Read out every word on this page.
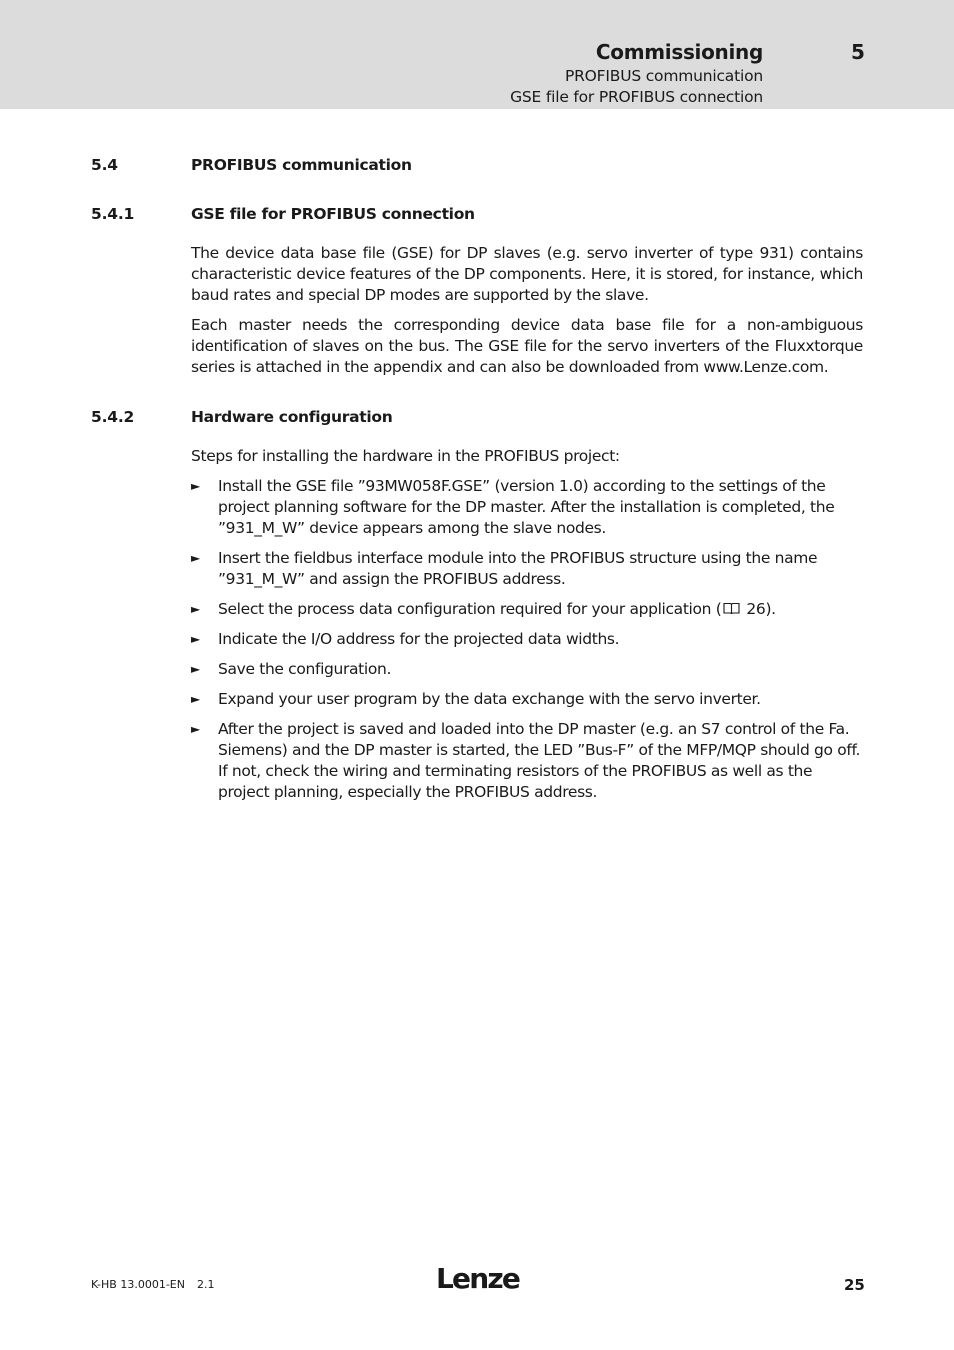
Commissioning	5
PROFIBUS communication
GSE file for PROFIBUS connection
5.4	PROFIBUS communication
5.4.1	GSE file for PROFIBUS connection

The device data base file (GSE) for DP slaves (e.g. servo inverter of type 931) contains characteristic device features of the DP components. Here, it is stored, for instance, which baud rates and special DP modes are supported by the slave.

Each master needs the corresponding device data base file for a non-ambiguous identification of slaves on the bus. The GSE file for the servo inverters of the Fluxxtorque series is attached in the appendix and can also be downloaded from www.Lenze.com.

5.4.2	Hardware configuration

Steps for installing the hardware in the PROFIBUS project:

► Install the GSE file ”93MW058F.GSE” (version 1.0) according to the settings of the project planning software for the DP master. After the installation is completed, the ”931_M_W” device appears among the slave nodes.
► Insert the fieldbus interface module into the PROFIBUS structure using the name ”931_M_W” and assign the PROFIBUS address.
► Select the process data configuration required for your application ( 26).
► Indicate the I/O address for the projected data widths.
► Save the configuration.
► Expand your user program by the data exchange with the servo inverter.
► After the project is saved and loaded into the DP master (e.g. an S7 control of the Fa. Siemens) and the DP master is started, the LED ”Bus-F” of the MFP/MQP should go off. If not, check the wiring and terminating resistors of the PROFIBUS as well as the project planning, especially the PROFIBUS address.
K-HB 13.0001-EN 2.1	Lenze	25
